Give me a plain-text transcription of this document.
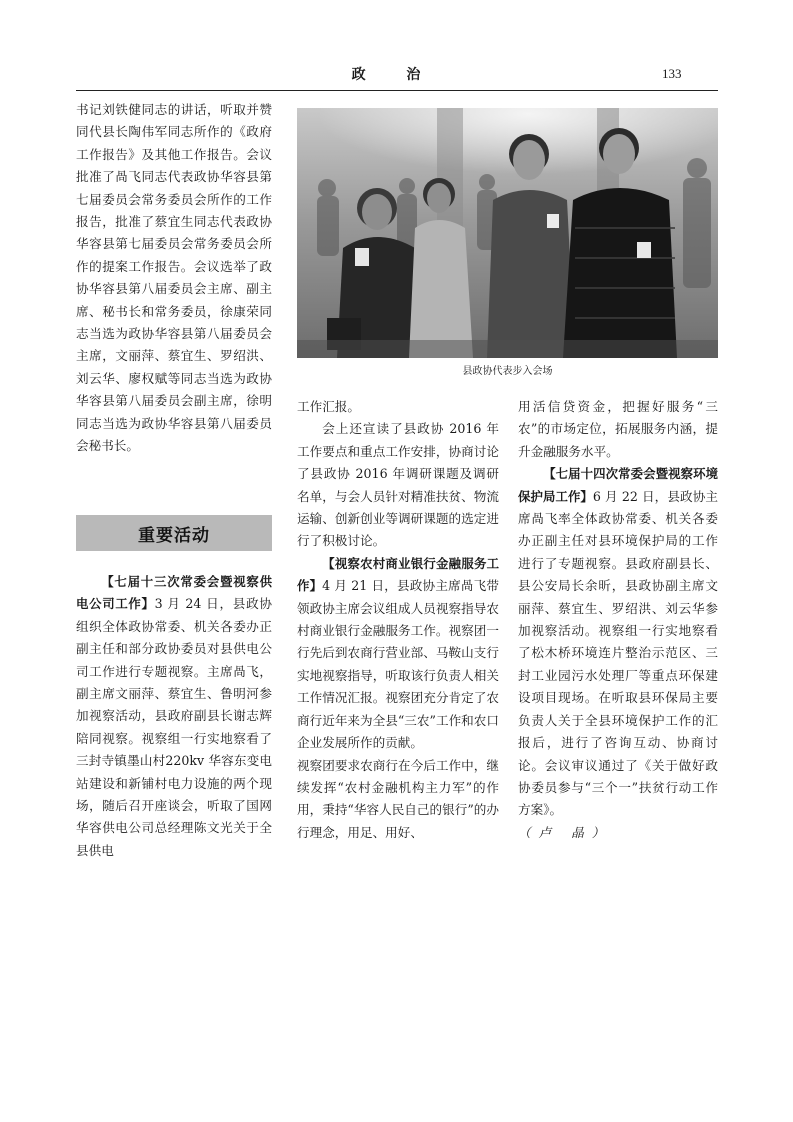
政 治	133

书记刘铁健同志的讲话，听取并赞同代县长陶伟军同志所作的《政府工作报告》及其他工作报告。会议批准了咼飞同志代表政协华容县第七届委员会常务委员会所作的工作报告，批准了蔡宜生同志代表政协华容县第七届委员会常务委员会所作的提案工作报告。会议选举了政协华容县第八届委员会主席、副主席、秘书长和常务委员，徐康荣同志当选为政协华容县第八届委员会主席，文丽萍、蔡宜生、罗绍洪、刘云华、廖权赋等同志当选为政协华容县第八届委员会副主席，徐明同志当选为政协华容县第八届委员会秘书长。

重要活动

【七届十三次常委会暨视察供电公司工作】3 月 24 日，县政协组织全体政协常委、机关各委办正副主任和部分政协委员对县供电公司工作进行专题视察。主席咼飞，副主席文丽萍、蔡宜生、鲁明河参加视察活动，县政府副县长谢志辉陪同视察。视察组一行实地察看了三封寺镇墨山村220kv 华容东变电站建设和新铺村电力设施的两个现场，随后召开座谈会，听取了国网华容供电公司总经理陈文光关于全县供电

县政协代表步入会场

工作汇报。

会上还宣读了县政协 2016 年工作要点和重点工作安排，协商讨论了县政协 2016 年调研课题及调研名单，与会人员针对精准扶贫、物流运输、创新创业等调研课题的选定进行了积极讨论。

【视察农村商业银行金融服务工作】4 月 21 日，县政协主席咼飞带领政协主席会议组成人员视察指导农村商业银行金融服务工作。视察团一行先后到农商行营业部、马鞍山支行实地视察指导，听取该行负责人相关工作情况汇报。视察团充分肯定了农商行近年来为全县“三农”工作和农口企业发展所作的贡献。

视察团要求农商行在今后工作中，继续发挥“农村金融机构主力军”的作用，秉持“华容人民自己的银行”的办行理念，用足、用好、

用活信贷资金，把握好服务“三农”的市场定位，拓展服务内涵，提升金融服务水平。

【七届十四次常委会暨视察环境保护局工作】6 月 22 日，县政协主席咼飞率全体政协常委、机关各委办正副主任对县环境保护局的工作进行了专题视察。县政府副县长、县公安局长余昕，县政协副主席文丽萍、蔡宜生、罗绍洪、刘云华参加视察活动。视察组一行实地察看了松木桥环境连片整治示范区、三封工业园污水处理厂等重点环保建设项目现场。在听取县环保局主要负责人关于全县环境保护工作的汇报后，进行了咨询互动、协商讨论。会议审议通过了《关于做好政协委员参与“三个一”扶贫行动工作方案》。

（卢 晶）
